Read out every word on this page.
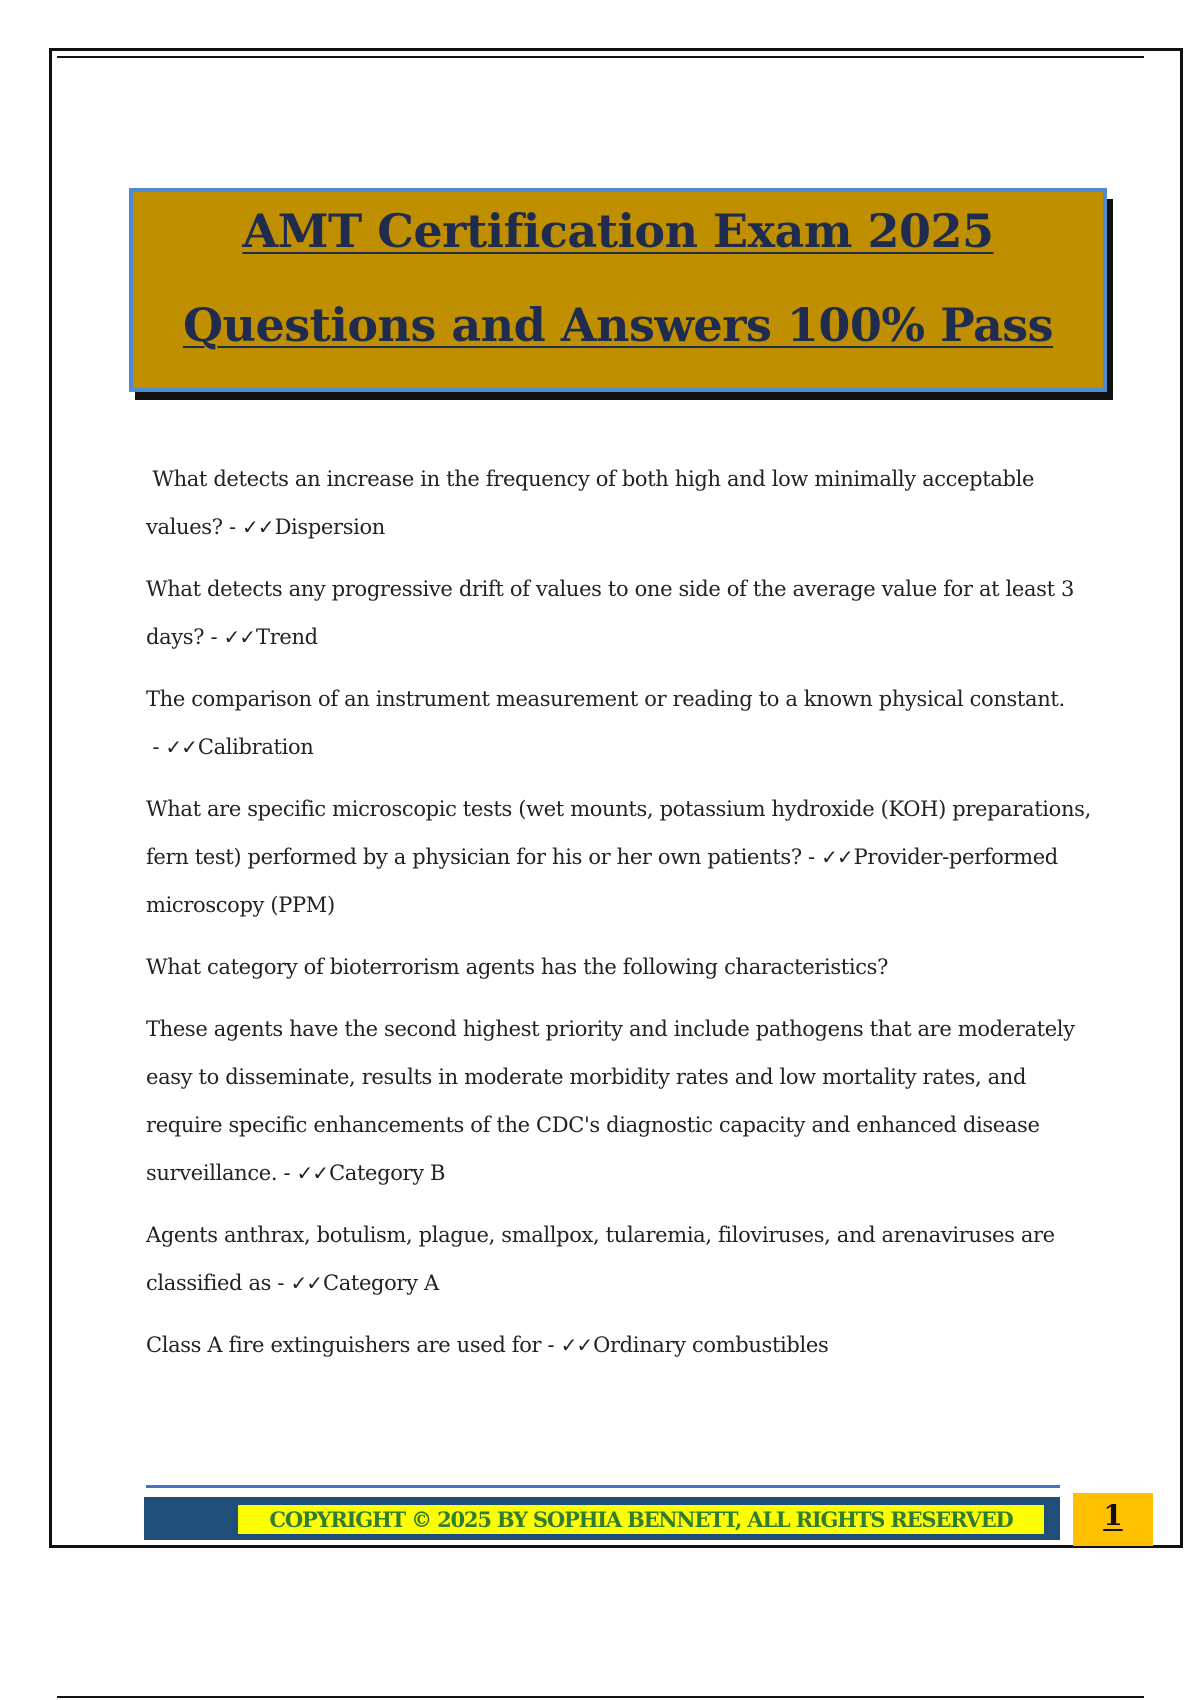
AMT Certification Exam 2025
Questions and Answers 100% Pass

What detects an increase in the frequency of both high and low minimally acceptable values? - ✓✓Dispersion

What detects any progressive drift of values to one side of the average value for at least 3 days? - ✓✓Trend

The comparison of an instrument measurement or reading to a known physical constant. - ✓✓Calibration

What are specific microscopic tests (wet mounts, potassium hydroxide (KOH) preparations, fern test) performed by a physician for his or her own patients? - ✓✓Provider-performed microscopy (PPM)

What category of bioterrorism agents has the following characteristics?

These agents have the second highest priority and include pathogens that are moderately easy to disseminate, results in moderate morbidity rates and low mortality rates, and require specific enhancements of the CDC's diagnostic capacity and enhanced disease surveillance. - ✓✓Category B

Agents anthrax, botulism, plague, smallpox, tularemia, filoviruses, and arenaviruses are classified as - ✓✓Category A

Class A fire extinguishers are used for - ✓✓Ordinary combustibles

COPYRIGHT © 2025 BY SOPHIA BENNETT, ALL RIGHTS RESERVED	1
